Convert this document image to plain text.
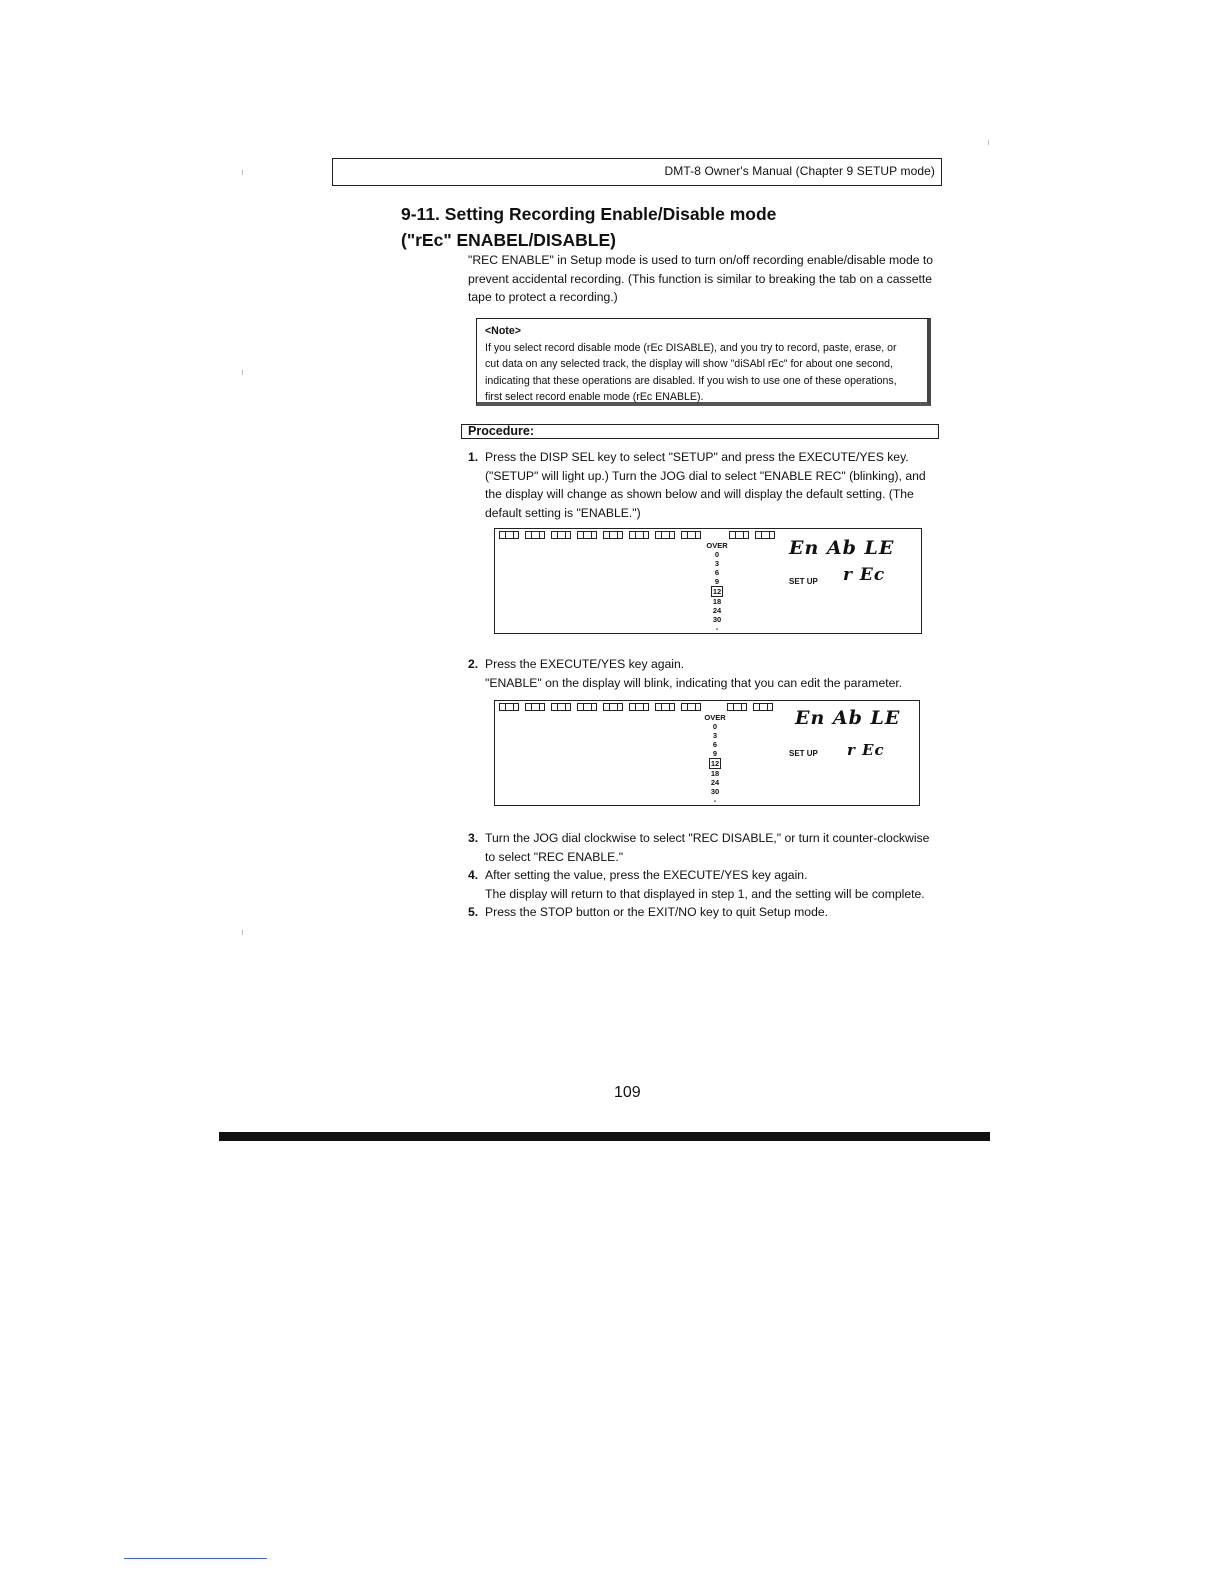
DMT-8 Owner's Manual (Chapter 9 SETUP mode)
9-11. Setting Recording Enable/Disable mode
("rEc" ENABEL/DISABLE)
"REC ENABLE" in Setup mode is used to turn on/off recording enable/disable mode to
prevent accidental recording. (This function is similar to breaking the tab on a cassette
tape to protect a recording.)
<Note>
If you select record disable mode (rEc DISABLE), and you try to record, paste, erase, or
cut data on any selected track, the display will show "diSAbl rEc" for about one second,
indicating that these operations are disabled. If you wish to use one of these operations,
first select record enable mode (rEc ENABLE).
Procedure:
1. Press the DISP SEL key to select "SETUP" and press the EXECUTE/YES key.
("SETUP" will light up.) Turn the JOG dial to select "ENABLE REC" (blinking), and
the display will change as shown below and will display the default setting. (The
default setting is "ENABLE.")
OVER
0
3
6
9
12
18
24
30
-
En Ab LE
SET UP r Ec
2. Press the EXECUTE/YES key again.
"ENABLE" on the display will blink, indicating that you can edit the parameter.
OVER
0
3
6
9
12
18
24
30
-
En Ab LE
SET UP r Ec
3. Turn the JOG dial clockwise to select "REC DISABLE," or turn it counter-clockwise
to select "REC ENABLE."
4. After setting the value, press the EXECUTE/YES key again.
The display will return to that displayed in step 1, and the setting will be complete.
5. Press the STOP button or the EXIT/NO key to quit Setup mode.
109
